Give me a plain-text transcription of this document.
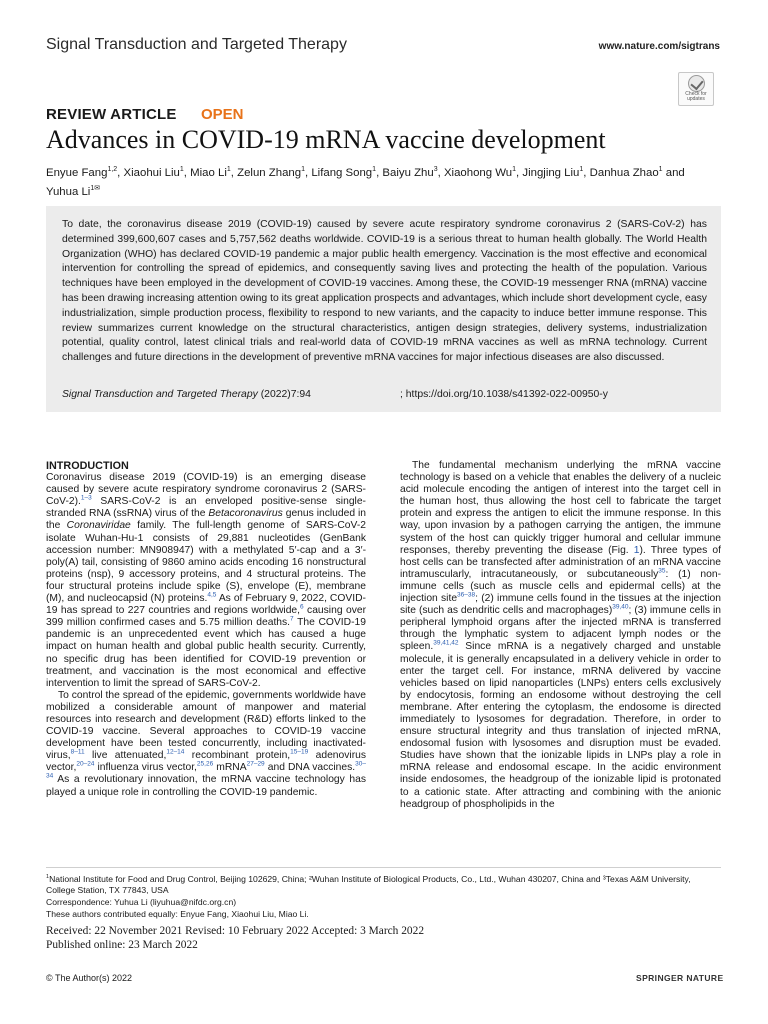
Signal Transduction and Targeted Therapy	www.nature.com/sigtrans
Check for updates
REVIEW ARTICLE OPEN
Advances in COVID-19 mRNA vaccine development
Enyue Fang$^{1,2}$, Xiaohui Liu$^1$, Miao Li$^1$, Zelun Zhang$^1$, Lifang Song$^1$, Baiyu Zhu$^3$, Xiaohong Wu$^1$, Jingjing Liu$^1$, Danhua Zhao$^1$ and Yuhua $Li^{1✉}$
To date, the coronavirus disease 2019 (COVID-19) caused by severe acute respiratory syndrome coronavirus 2 (SARS-CoV-2) has determined 399,600,607 cases and 5,757,562 deaths worldwide. COVID-19 is a serious threat to human health globally. The World Health Organization (WHO) has declared COVID-19 pandemic a major public health emergency. Vaccination is the most effective and economical intervention for controlling the spread of epidemics, and consequently saving lives and protecting the health of the population. Various techniques have been employed in the development of COVID-19 vaccines. Among these, the COVID-19 messenger RNA (mRNA) vaccine has been drawing increasing attention owing to its great application prospects and advantages, which include short development cycle, easy industrialization, simple production process, flexibility to respond to new variants, and the capacity to induce better immune response. This review summarizes current knowledge on the structural characteristics, antigen design strategies, delivery systems, industrialization potential, quality control, latest clinical trials and real-world data of COVID-19 mRNA vaccines as well as mRNA technology. Current challenges and future directions in the development of preventive mRNA vaccines for major infectious diseases are also discussed.
Signal Transduction and Targeted Therapy (2022)7:94	; https://doi.org/10.1038/s41392-022-00950-y
INTRODUCTION

Coronavirus disease 2019 (COVID-19) is an emerging disease caused by severe acute respiratory syndrome coronavirus 2 (SARS-CoV-2).$^{1-3}$ SARS-CoV-2 is an enveloped positive-sense single-stranded RNA (ssRNA) virus of the Betacoronavirus genus included in the Coronaviridae family. The full-length genome of SARS-CoV-2 isolate Wuhan-Hu-1 consists of 29,881 nucleotides (GenBank accession number: MN908947) with a methylated 5′-cap and a 3′-poly(A) tail, consisting of 9860 amino acids encoding 16 nonstructural proteins (nsp), 9 accessory proteins, and 4 structural proteins. The four structural proteins include spike (S), envelope (E), membrane (M), and nucleocapsid (N) proteins.$^{4,5}$ As of February 9, 2022, COVID-19 has spread to 227 countries and regions worldwide,$^6$ causing over 399 million confirmed cases and 5.75 million deaths.$^7$ The COVID-19 pandemic is an unprecedented event which has caused a huge impact on human health and global public health security. Currently, no specific drug has been identified for COVID-19 prevention or treatment, and vaccination is the most economical and effective intervention to limit the spread of SARS-CoV-2.

To control the spread of the epidemic, governments worldwide have mobilized a considerable amount of manpower and material resources into research and development (R&D) efforts linked to the COVID-19 vaccine. Several approaches to COVID-19 vaccine development have been tested concurrently, including inactivated-virus,$^{8-11}$ live attenuated,$^{12-14}$ recombinant protein,$^{15-19}$ adenovirus vector,$^{20-24}$ influenza virus vector,$^{25,26}$ mRNA$^{27-29}$ and DNA vaccines.$^{30-34}$ As a revolutionary innovation, the mRNA vaccine technology has played a unique role in controlling the COVID-19 pandemic.

The fundamental mechanism underlying the mRNA vaccine technology is based on a vehicle that enables the delivery of a nucleic acid molecule encoding the antigen of interest into the target cell in the human host, thus allowing the host cell to fabricate the target protein and express the antigen to elicit the immune response. In this way, upon invasion by a pathogen carrying the antigen, the immune system of the host can quickly trigger humoral and cellular immune responses, thereby preventing the disease (Fig. 1). Three types of host cells can be transfected after administration of an mRNA vaccine intramuscularly, intracutaneously, or subcutaneously$^{35}$: (1) non-immune cells (such as muscle cells and epidermal cells) at the injection site$^{36-38}$; (2) immune cells found in the tissues at the injection site (such as dendritic cells and macrophages)$^{39,40}$; (3) immune cells in peripheral lymphoid organs after the injected mRNA is transferred through the lymphatic system to adjacent lymph nodes or the spleen.$^{39,41,42}$ Since mRNA is a negatively charged and unstable molecule, it is generally encapsulated in a delivery vehicle in order to enter the target cell. For instance, mRNA delivered by vaccine vehicles based on lipid nanoparticles (LNPs) enters cells exclusively by endocytosis, forming an endosome without destroying the cell membrane. After entering the cytoplasm, the endosome is directed immediately to lysosomes for degradation. Therefore, in order to ensure structural integrity and thus translation of injected mRNA, endosomal fusion with lysosomes and disruption must be evaded. Studies have shown that the ionizable lipids in LNPs play a role in mRNA release and endosomal escape. In the acidic environment inside endosomes, the headgroup of the ionizable lipid is protonated to a cationic state. After attracting and combining with the anionic headgroup of phospholipids in the

$^1$National Institute for Food and Drug Control, Beijing 102629, China; ²Wuhan Institute of Biological Products, Co., Ltd., Wuhan 430207, China and ³Texas A&M University, College Station, TX 77843, USA
Correspondence: Yuhua Li (liyuhua@nifdc.org.cn)
These authors contributed equally: Enyue Fang, Xiaohui Liu, Miao Li.
Received: 22 November 2021 Revised: 10 February 2022 Accepted: 3 March 2022
Published online: 23 March 2022
© The Author(s) 2022	SPRINGER NATURE
